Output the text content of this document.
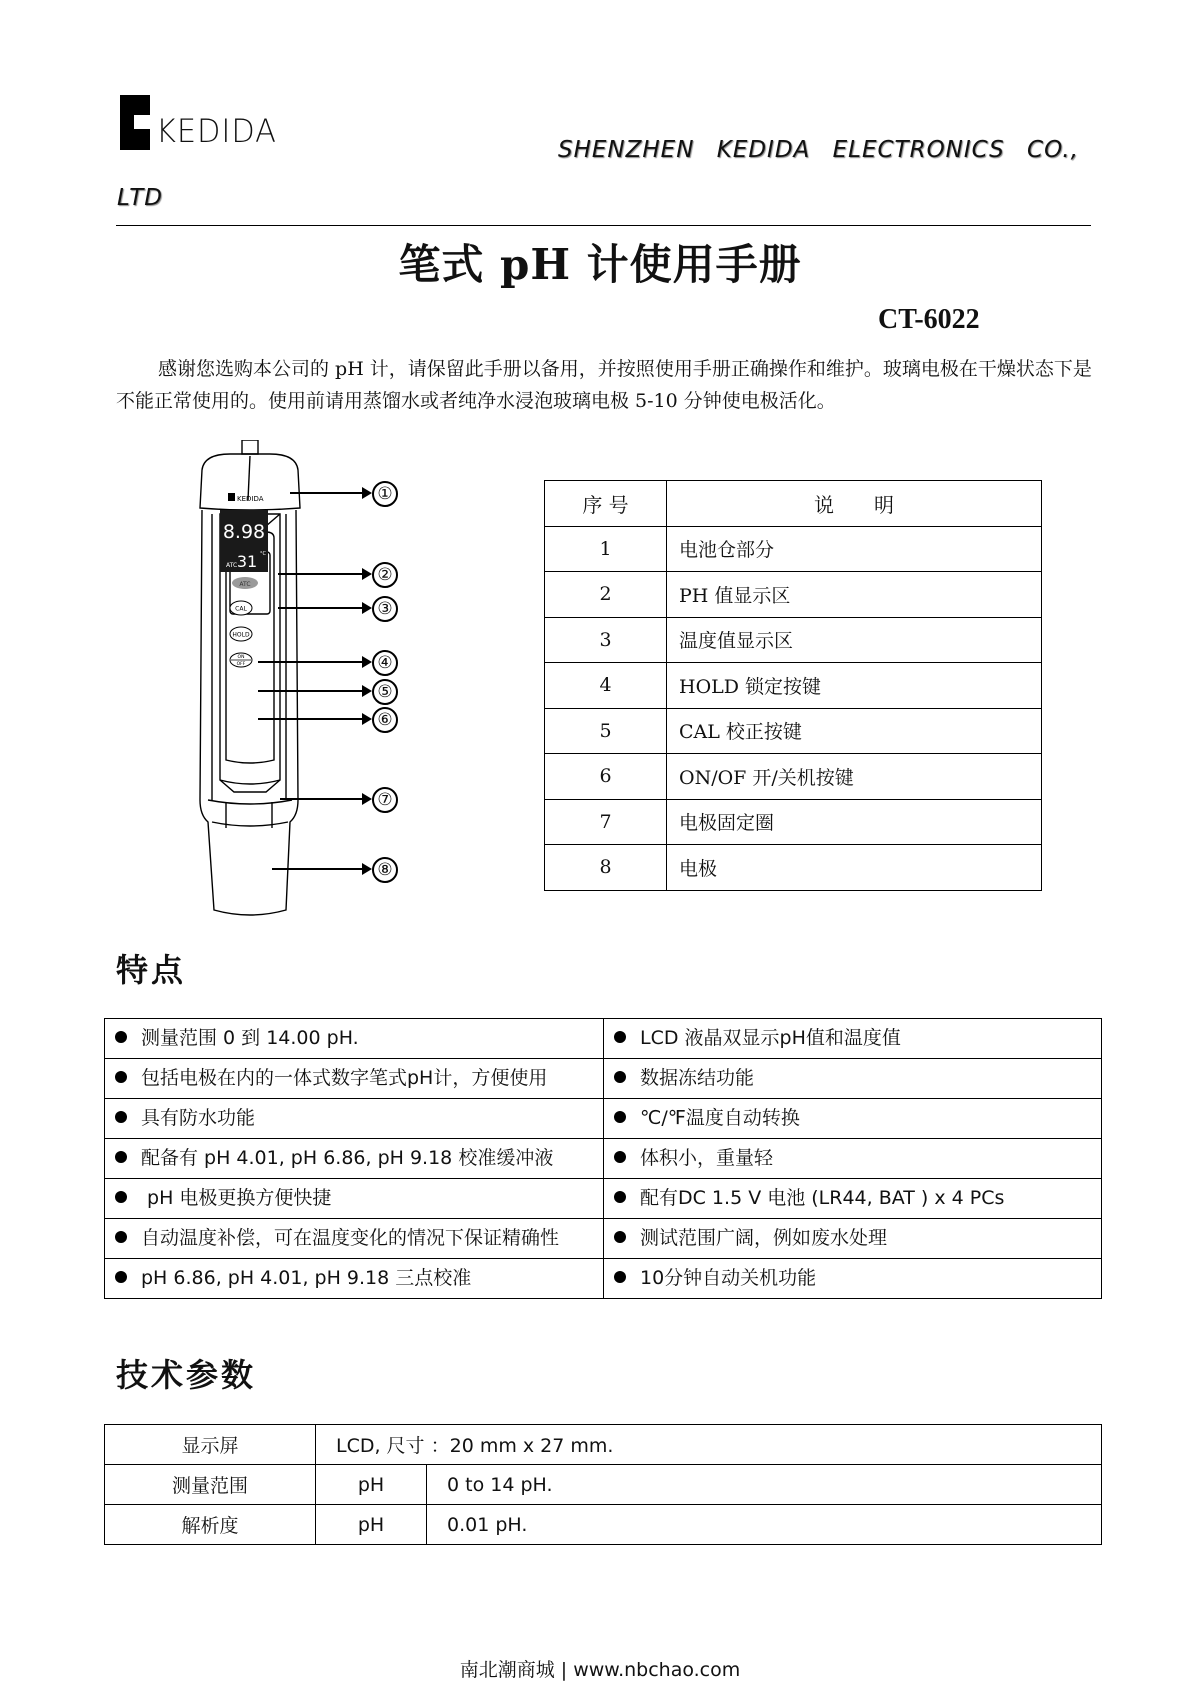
KEDIDA	SHENZHEN KEDIDA ELECTRONICS CO.,
LTD
笔式 pH 计使用手册
CT-6022
感谢您选购本公司的 pH 计，请保留此手册以备用，并按照使用手册正确操作和维护。玻璃电极在干燥状态下是不能正常使用的。使用前请用蒸馏水或者纯净水浸泡玻璃电极 5-10 分钟使电极活化。
8.98
ATC 31 °C
KEDIDA
ATC
CAL
HOLD
ON
OFF
①
②
③
④
⑤
⑥
⑦
⑧
序 号	说　　明
1	电池仓部分
2	PH 值显示区
3	温度值显示区
4	HOLD 锁定按键
5	CAL 校正按键
6	ON/OF 开/关机按键
7	电极固定圈
8	电极
特点
测量范围 0 到 14.00 pH.	LCD 液晶双显示pH值和温度值
包括电极在内的一体式数字笔式pH计，方便使用	数据冻结功能
具有防水功能	℃/℉温度自动转换
配备有 pH 4.01, pH 6.86, pH 9.18 校准缓冲液	体积小，重量轻
pH 电极更换方便快捷	配有DC 1.5 V 电池 (LR44, BAT ) x 4 PCs
自动温度补偿，可在温度变化的情况下保证精确性	测试范围广阔，例如废水处理
pH 6.86, pH 4.01, pH 9.18 三点校准	10分钟自动关机功能
技术参数
显示屏	LCD, 尺寸 ：20 mm x 27 mm.	
测量范围	pH	0 to 14 pH.
解析度	pH	0.01 pH.
南北潮商城 | www.nbchao.com
